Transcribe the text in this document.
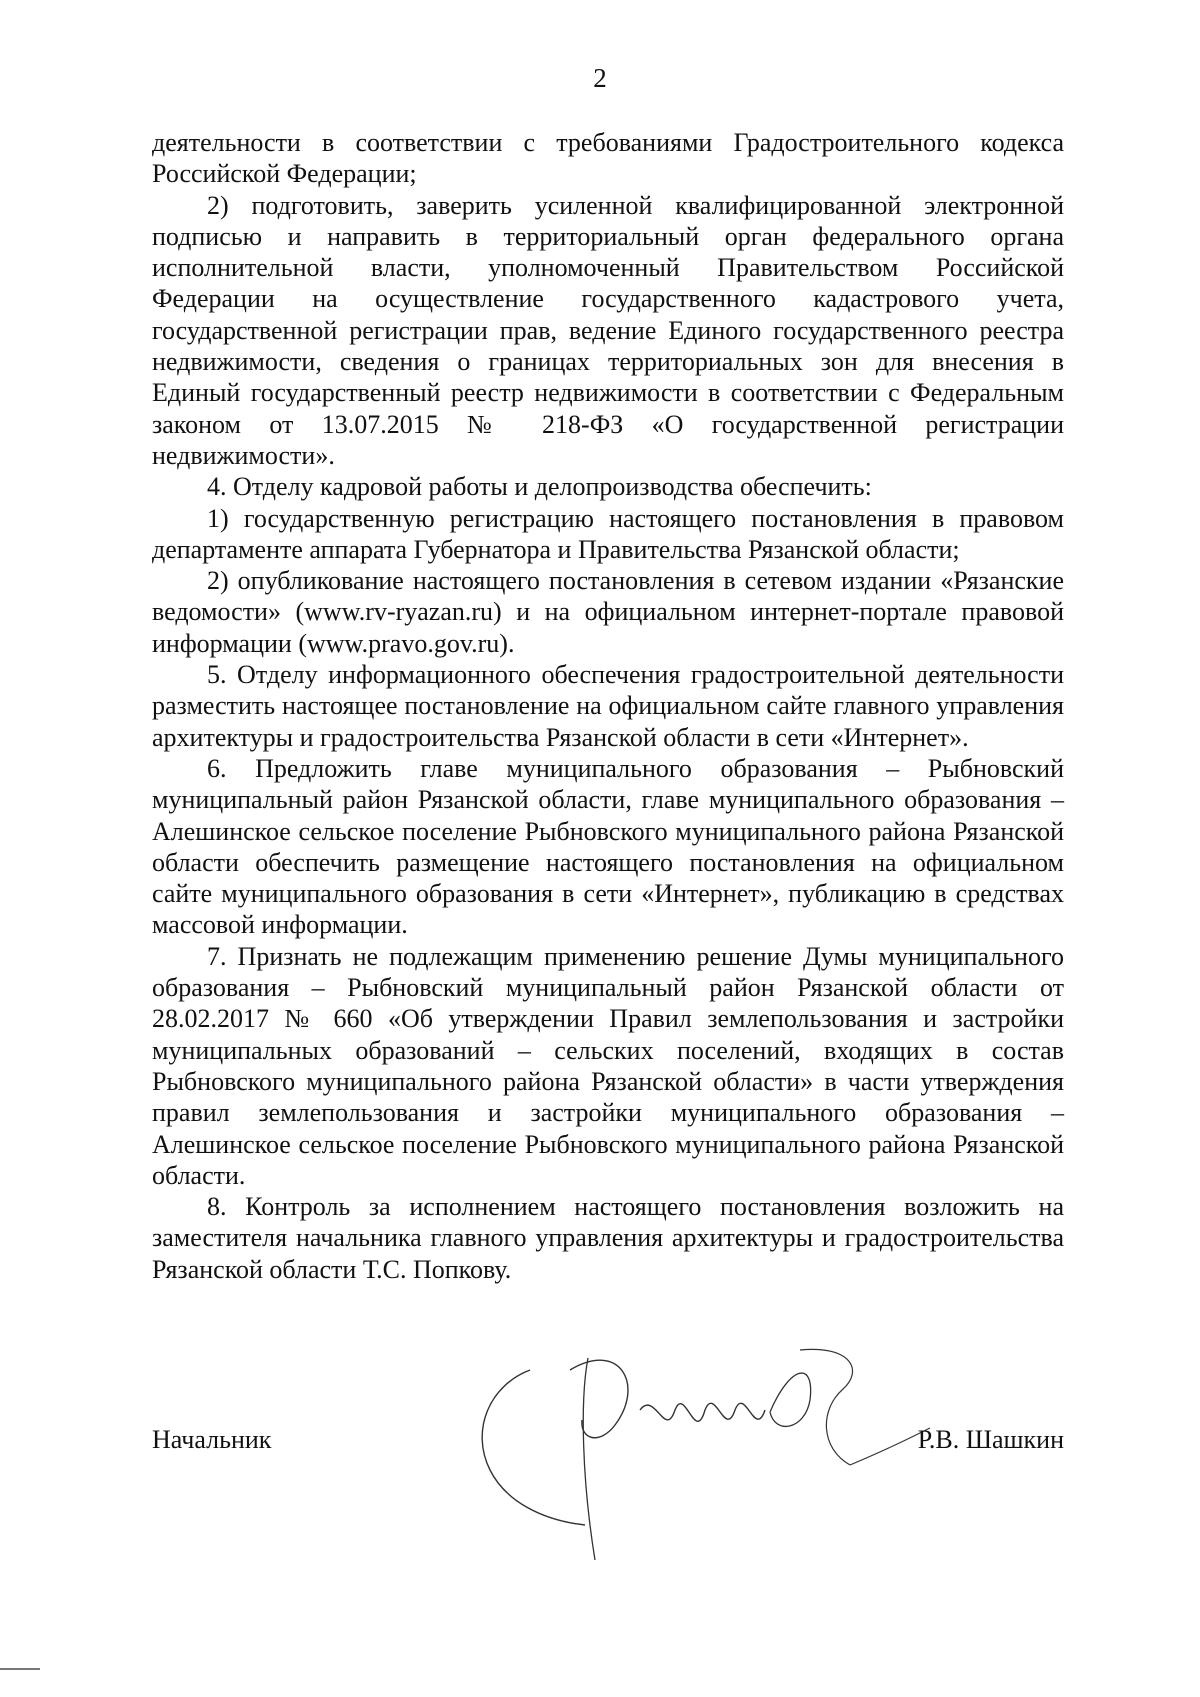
2

деятельности в соответствии с требованиями Градостроительного кодекса Российской Федерации;

2) подготовить, заверить усиленной квалифицированной электронной подписью и направить в территориальный орган федерального органа исполнительной власти, уполномоченный Правительством Российской Федерации на осуществление государственного кадастрового учета, государственной регистрации прав, ведение Единого государственного реестра недвижимости, сведения о границах территориальных зон для внесения в Единый государственный реестр недвижимости в соответствии с Федеральным законом от 13.07.2015 № 218-ФЗ «О государственной регистрации недвижимости».

4. Отделу кадровой работы и делопроизводства обеспечить:

1) государственную регистрацию настоящего постановления в правовом департаменте аппарата Губернатора и Правительства Рязанской области;

2) опубликование настоящего постановления в сетевом издании «Рязанские ведомости» (www.rv-ryazan.ru) и на официальном интернет-портале правовой информации (www.pravo.gov.ru).

5. Отделу информационного обеспечения градостроительной деятельности разместить настоящее постановление на официальном сайте главного управления архитектуры и градостроительства Рязанской области в сети «Интернет».

6. Предложить главе муниципального образования – Рыбновский муниципальный район Рязанской области, главе муниципального образования – Алешинское сельское поселение Рыбновского муниципального района Рязанской области обеспечить размещение настоящего постановления на официальном сайте муниципального образования в сети «Интернет», публикацию в средствах массовой информации.

7. Признать не подлежащим применению решение Думы муниципального образования – Рыбновский муниципальный район Рязанской области от 28.02.2017 № 660 «Об утверждении Правил землепользования и застройки муниципальных образований – сельских поселений, входящих в состав Рыбновского муниципального района Рязанской области» в части утверждения правил землепользования и застройки муниципального образования – Алешинское сельское поселение Рыбновского муниципального района Рязанской области.

8. Контроль за исполнением настоящего постановления возложить на заместителя начальника главного управления архитектуры и градостроительства Рязанской области Т.С. Попкову.

Начальник	Р.В. Шашкин
